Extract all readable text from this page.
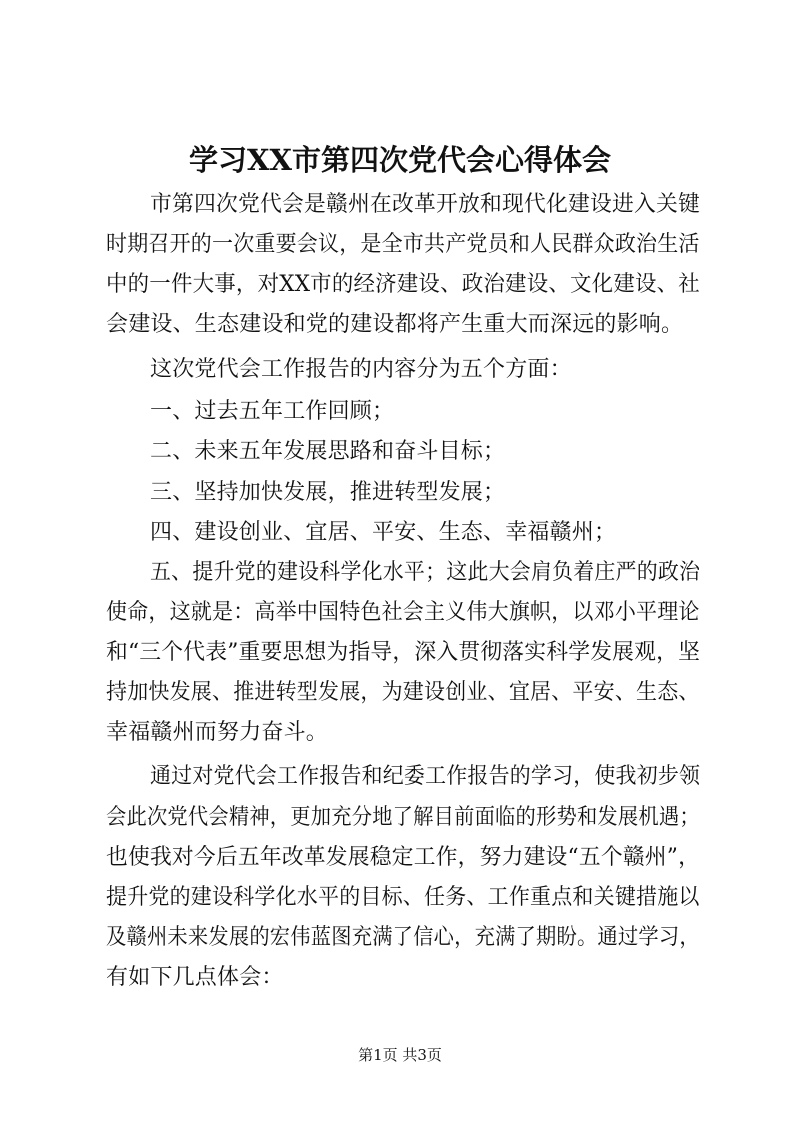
学习XX市第四次党代会心得体会
市第四次党代会是赣州在改革开放和现代化建设进入关键
时期召开的一次重要会议，是全市共产党员和人民群众政治生活
中的一件大事，对XX市的经济建设、政治建设、文化建设、社
会建设、生态建设和党的建设都将产生重大而深远的影响。
这次党代会工作报告的内容分为五个方面：
一、过去五年工作回顾；
二、未来五年发展思路和奋斗目标；
三、坚持加快发展，推进转型发展；
四、建设创业、宜居、平安、生态、幸福赣州；
五、提升党的建设科学化水平；这此大会肩负着庄严的政治
使命，这就是：高举中国特色社会主义伟大旗帜，以邓小平理论
和“三个代表”重要思想为指导，深入贯彻落实科学发展观，坚
持加快发展、推进转型发展，为建设创业、宜居、平安、生态、
幸福赣州而努力奋斗。
通过对党代会工作报告和纪委工作报告的学习，使我初步领
会此次党代会精神，更加充分地了解目前面临的形势和发展机遇；
也使我对今后五年改革发展稳定工作，努力建设“五个赣州”，
提升党的建设科学化水平的目标、任务、工作重点和关键措施以
及赣州未来发展的宏伟蓝图充满了信心，充满了期盼。通过学习，
有如下几点体会：
第1页 共3页
